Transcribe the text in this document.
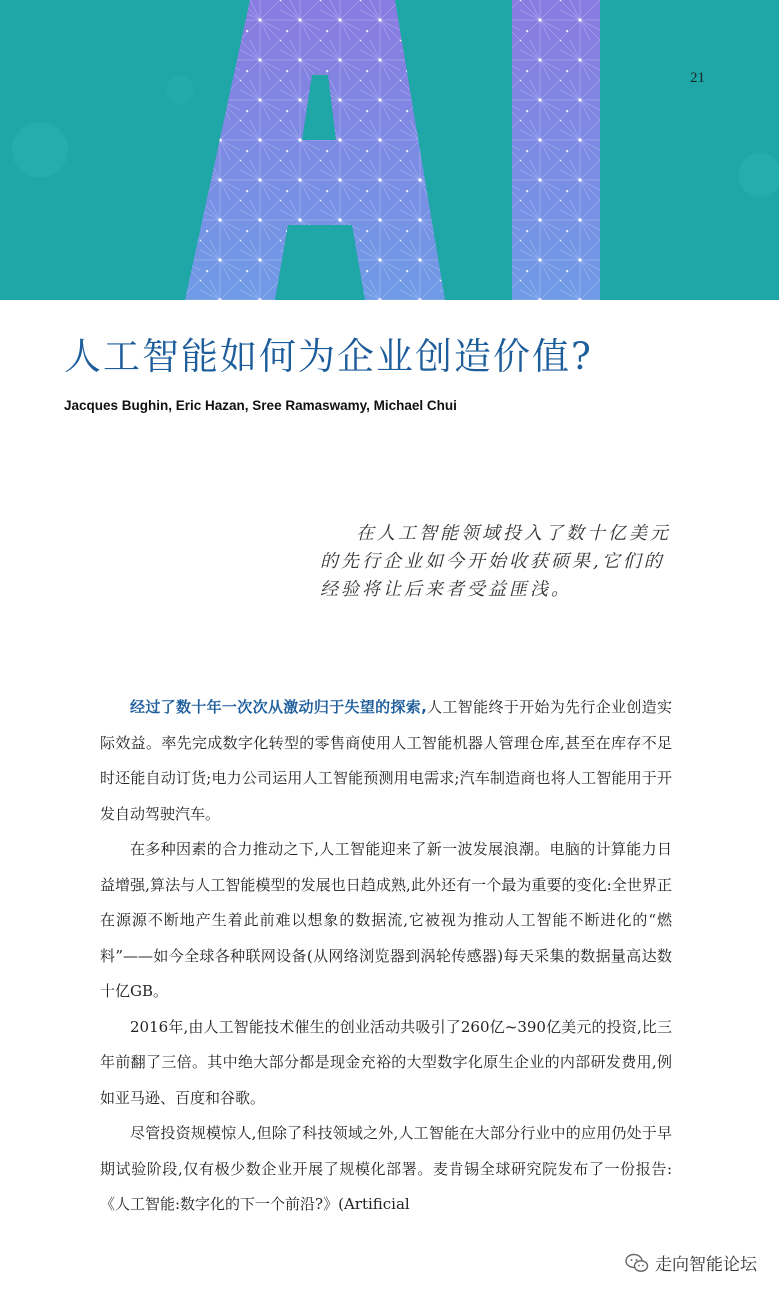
21
人工智能如何为企业创造价值?
Jacques Bughin, Eric Hazan, Sree Ramaswamy, Michael Chui

在人工智能领域投入了数十亿美元的先行企业如今开始收获硕果,它们的经验将让后来者受益匪浅。

经过了数十年一次次从激动归于失望的探索,人工智能终于开始为先行企业创造实际效益。率先完成数字化转型的零售商使用人工智能机器人管理仓库,甚至在库存不足时还能自动订货;电力公司运用人工智能预测用电需求;汽车制造商也将人工智能用于开发自动驾驶汽车。

在多种因素的合力推动之下,人工智能迎来了新一波发展浪潮。电脑的计算能力日益增强,算法与人工智能模型的发展也日趋成熟,此外还有一个最为重要的变化:全世界正在源源不断地产生着此前难以想象的数据流,它被视为推动人工智能不断进化的“燃料”——如今全球各种联网设备(从网络浏览器到涡轮传感器)每天采集的数据量高达数十亿GB。

2016年,由人工智能技术催生的创业活动共吸引了260亿~390亿美元的投资,比三年前翻了三倍。其中绝大部分都是现金充裕的大型数字化原生企业的内部研发费用,例如亚马逊、百度和谷歌。

尽管投资规模惊人,但除了科技领域之外,人工智能在大部分行业中的应用仍处于早期试验阶段,仅有极少数企业开展了规模化部署。麦肯锡全球研究院发布了一份报告:《人工智能:数字化的下一个前沿?》(Artificial

走向智能论坛
